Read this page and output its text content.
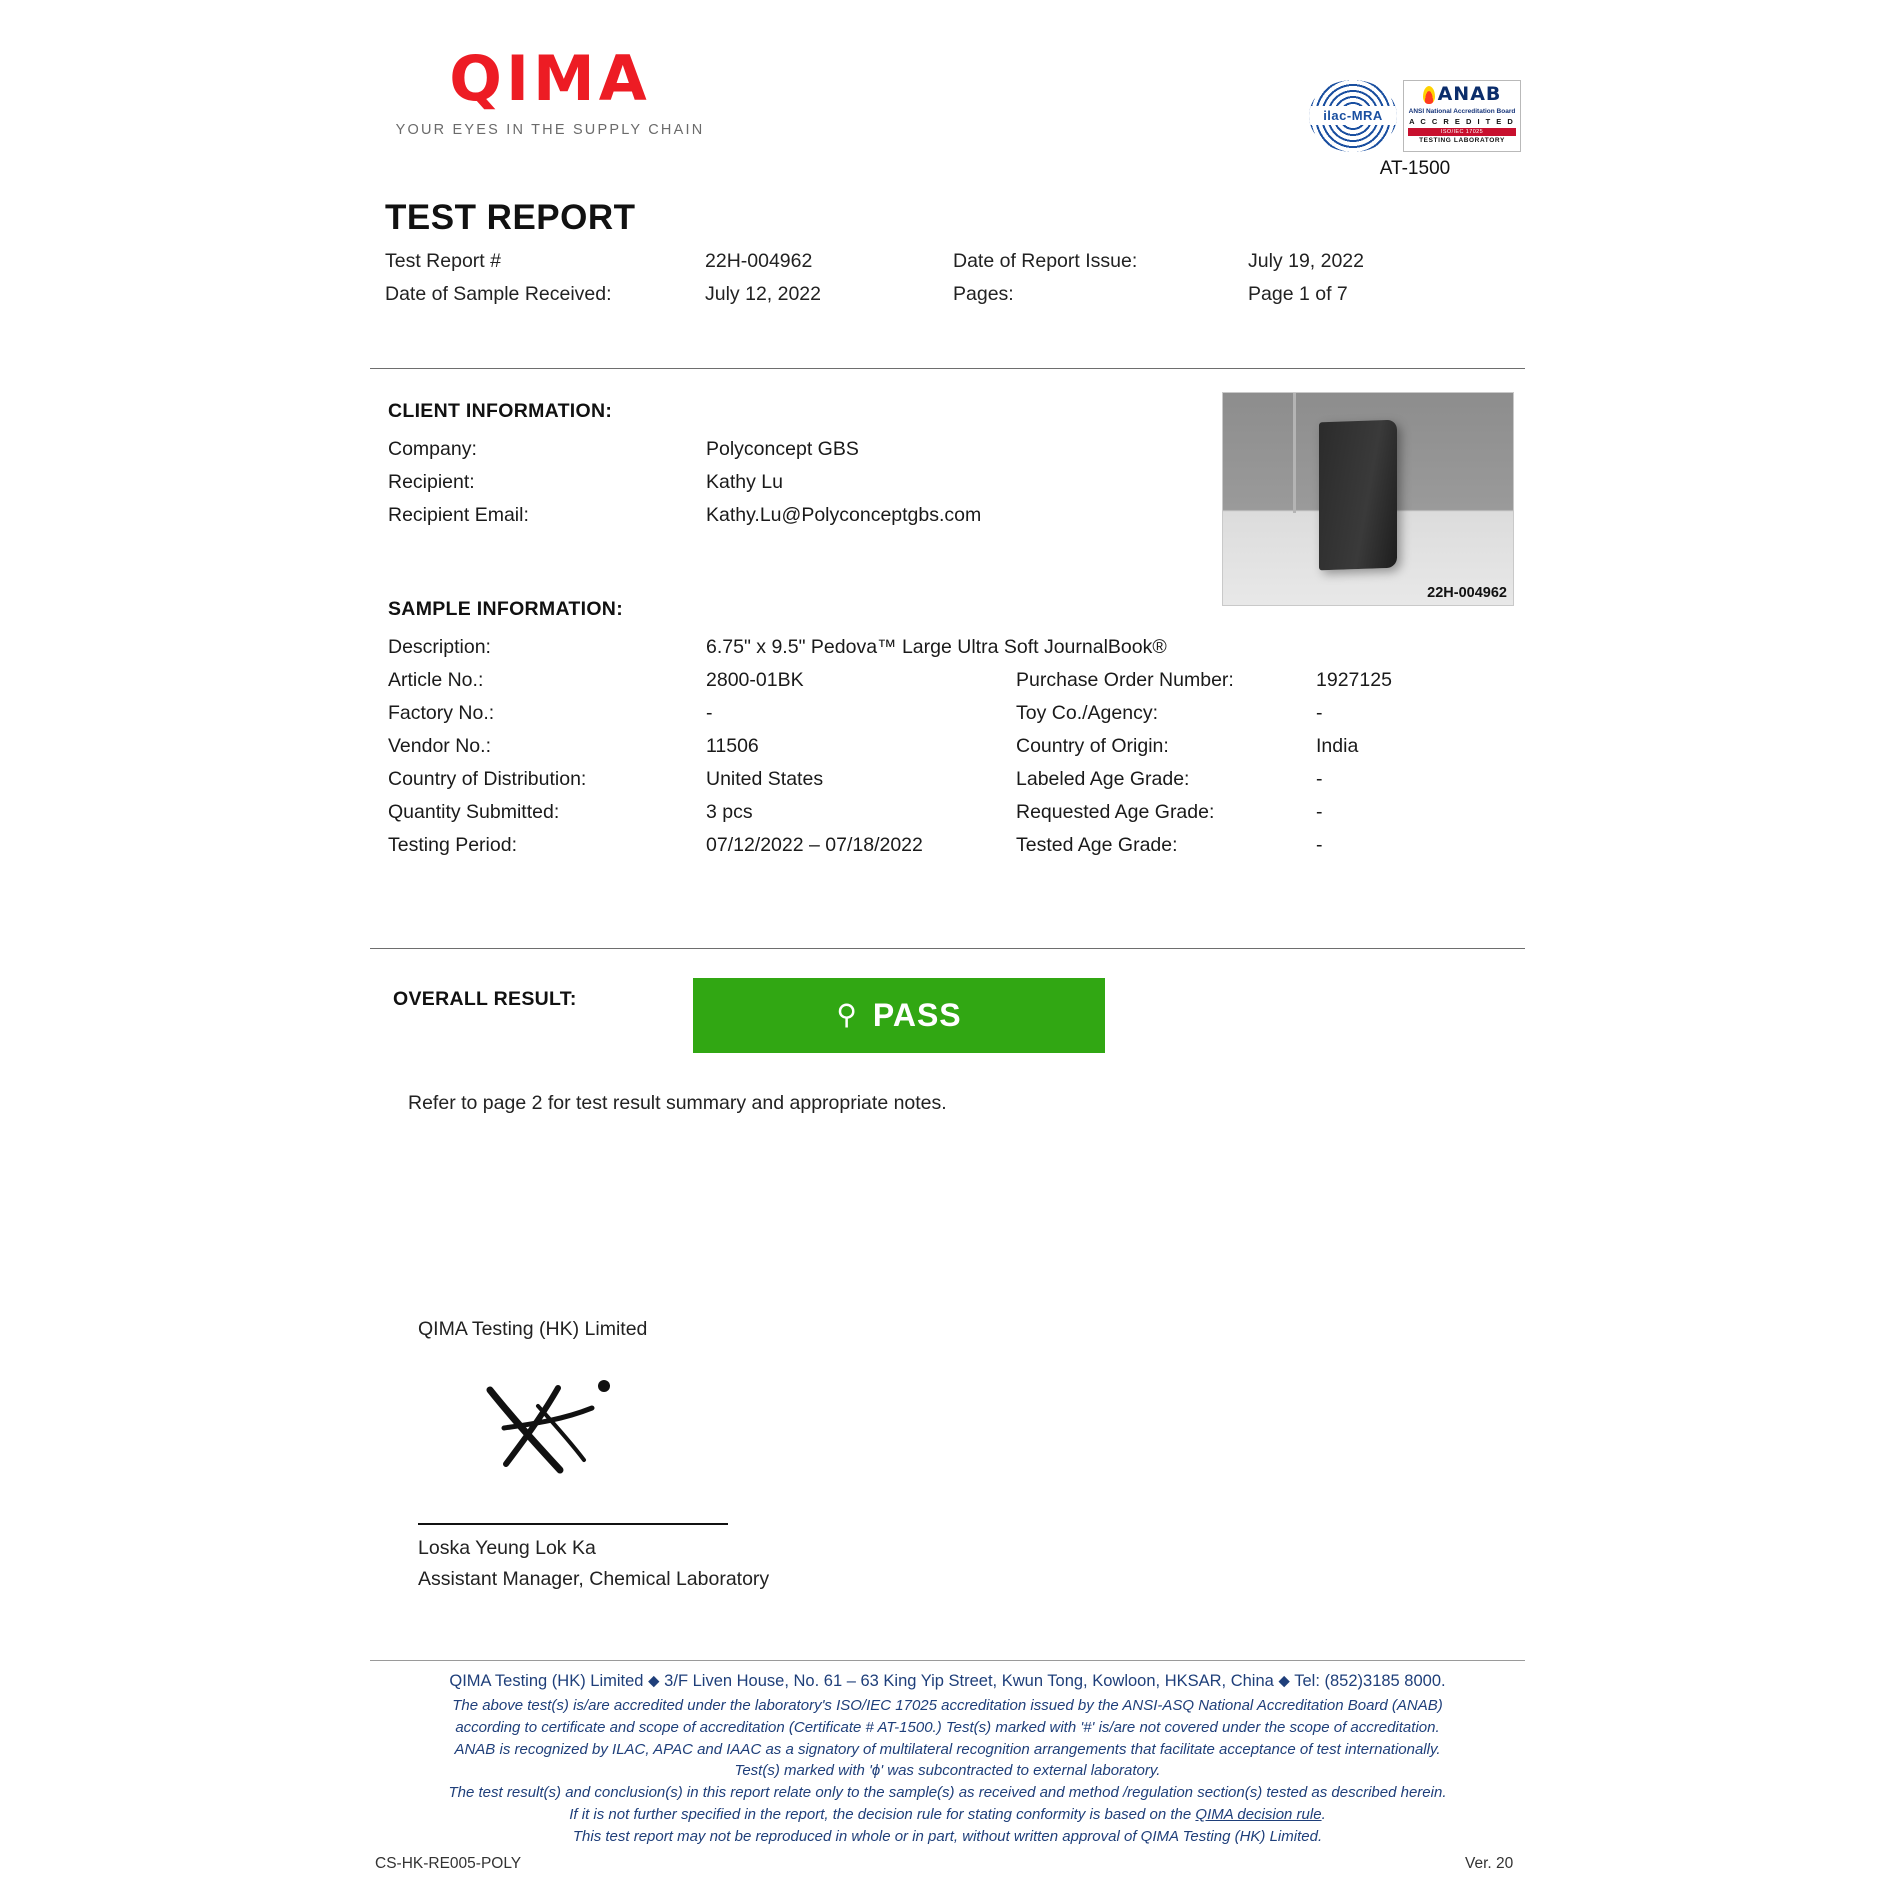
QIMA
YOUR EYES IN THE SUPPLY CHAIN
ilac-MRA
ANAB
ANSI National Accreditation Board
A C C R E D I T E D
ISO/IEC 17025
TESTING LABORATORY
AT-1500
TEST REPORT
Test Report #	22H-004962	Date of Report Issue:	July 19, 2022
Date of Sample Received:	July 12, 2022	Pages:	Page 1 of 7
CLIENT INFORMATION:
Company:	Polyconcept GBS
Recipient:	Kathy Lu
Recipient Email:	Kathy.Lu@Polyconceptgbs.com
22H-004962
SAMPLE INFORMATION:
Description:	6.75" x 9.5" Pedova™ Large Ultra Soft JournalBook®
Article No.:	2800-01BK	Purchase Order Number:	1927125
Factory No.:	-	Toy Co./Agency:	-
Vendor No.:	11506	Country of Origin:	India
Country of Distribution:	United States	Labeled Age Grade:	-
Quantity Submitted:	3 pcs	Requested Age Grade:	-
Testing Period:	07/12/2022 – 07/18/2022	Tested Age Grade:	-
OVERALL RESULT:	⚲ PASS
Refer to page 2 for test result summary and appropriate notes.
QIMA Testing (HK) Limited
Loska Yeung Lok Ka
Assistant Manager, Chemical Laboratory
QIMA Testing (HK) Limited ⬥ 3/F Liven House, No. 61 – 63 King Yip Street, Kwun Tong, Kowloon, HKSAR, China ⬥ Tel: (852)3185 8000.
The above test(s) is/are accredited under the laboratory's ISO/IEC 17025 accreditation issued by the ANSI-ASQ National Accreditation Board (ANAB)
according to certificate and scope of accreditation (Certificate # AT-1500.) Test(s) marked with '#' is/are not covered under the scope of accreditation.
ANAB is recognized by ILAC, APAC and IAAC as a signatory of multilateral recognition arrangements that facilitate acceptance of test internationally.
Test(s) marked with 'ɸ' was subcontracted to external laboratory.
The test result(s) and conclusion(s) in this report relate only to the sample(s) as received and method /regulation section(s) tested as described herein.
If it is not further specified in the report, the decision rule for stating conformity is based on the QIMA decision rule.
This test report may not be reproduced in whole or in part, without written approval of QIMA Testing (HK) Limited.
CS-HK-RE005-POLY	Ver. 20
